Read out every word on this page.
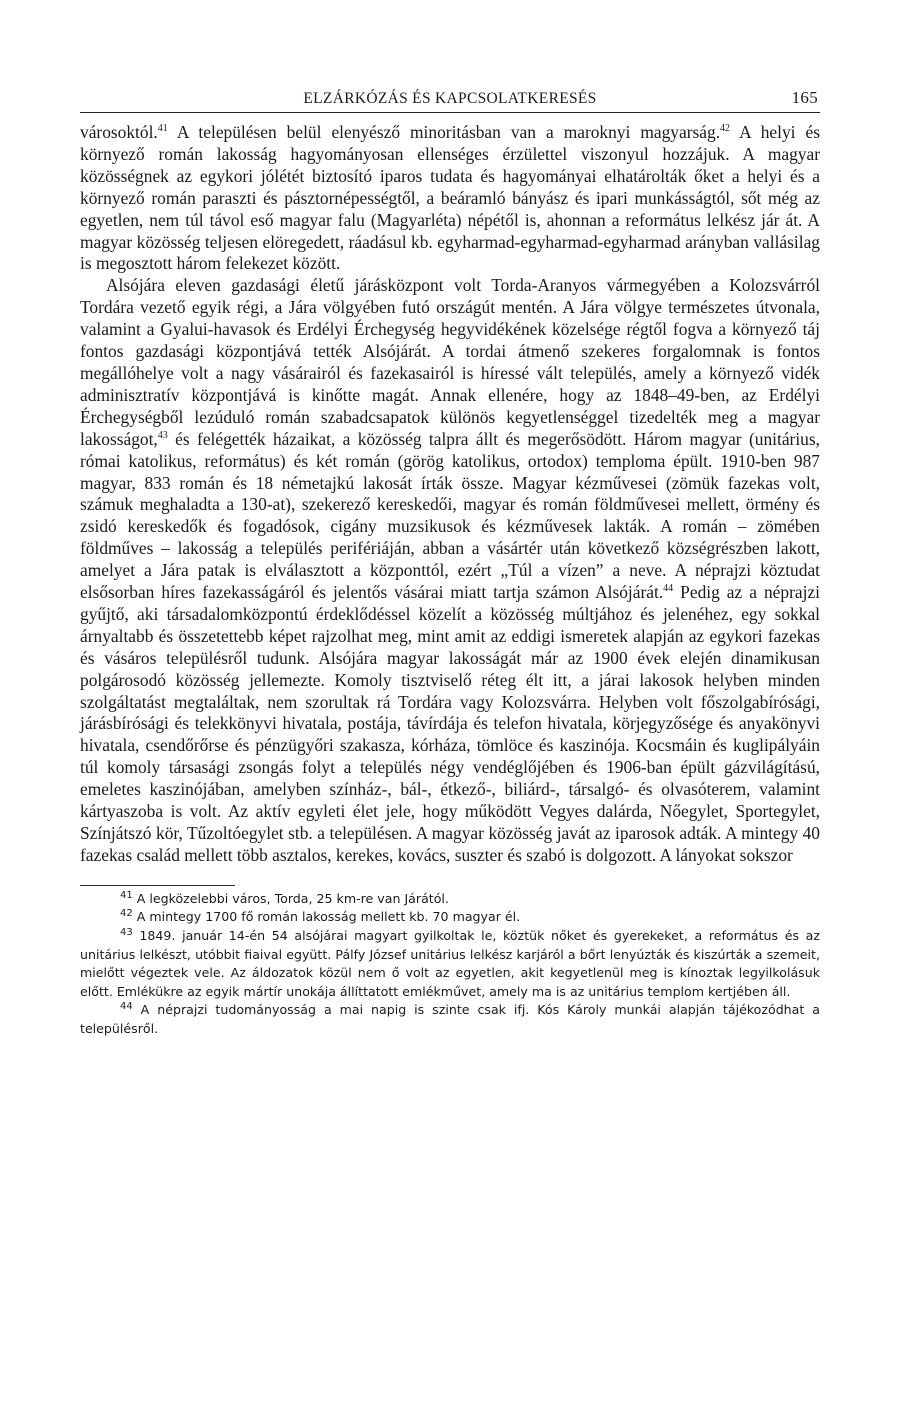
ELZÁRKÓZÁS ÉS KAPCSOLATKERESÉS	165

városoktól.$^{41}$ A településen belül elenyésző minoritásban van a maroknyi magyarság.$^{42}$ A helyi és környező román lakosság hagyományosan ellenséges érzülettel viszonyul hozzájuk. A magyar közösségnek az egykori jólétét biztosító iparos tudata és hagyományai elhatárolták őket a helyi és a környező román paraszti és pásztornépességtől, a beáramló bányász és ipari munkásságtól, sőt még az egyetlen, nem túl távol eső magyar falu (Magyarléta) népétől is, ahonnan a református lelkész jár át. A magyar közösség teljesen elöregedett, ráadásul kb. egyharmad-egyharmad-egyharmad arányban vallásilag is megosztott három felekezet között.

Alsójára eleven gazdasági életű járásközpont volt Torda-Aranyos vármegyében a Kolozsvárról Tordára vezető egyik régi, a Jára völgyében futó országút mentén. A Jára völgye természetes útvonala, valamint a Gyalui-havasok és Erdélyi Érchegység hegyvidékének közelsége régtől fogva a környező táj fontos gazdasági központjává tették Alsójárát. A tordai átmenő szekeres forgalomnak is fontos megállóhelye volt a nagy vásárairól és fazekasairól is híressé vált település, amely a környező vidék adminisztratív központjává is kinőtte magát. Annak ellenére, hogy az 1848–49-ben, az Erdélyi Érchegységből lezúduló román szabadcsapatok különös kegyetlenséggel tizedelték meg a magyar lakosságot,$^{43}$ és felégették házaikat, a közösség talpra állt és megerősödött. Három magyar (unitárius, római katolikus, református) és két román (görög katolikus, ortodox) temploma épült. 1910-ben 987 magyar, 833 román és 18 németajkú lakosát írták össze. Magyar kézművesei (zömük fazekas volt, számuk meghaladta a 130-at), szekerező kereskedői, magyar és román földművesei mellett, örmény és zsidó kereskedők és fogadósok, cigány muzsikusok és kézművesek lakták. A román – zömében földműves – lakosság a település perifériáján, abban a vásártér után következő községrészben lakott, amelyet a Jára patak is elválasztott a központtól, ezért „Túl a vízen” a neve. A néprajzi köztudat elsősorban híres fazekasságáról és jelentős vásárai miatt tartja számon Alsójárát.$^{44}$ Pedig az a néprajzi gyűjtő, aki társadalomközpontú érdeklődéssel közelít a közösség múltjához és jelenéhez, egy sokkal árnyaltabb és összetettebb képet rajzolhat meg, mint amit az eddigi ismeretek alapján az egykori fazekas és vásáros településről tudunk. Alsójára magyar lakosságát már az 1900 évek elején dinamikusan polgárosodó közösség jellemezte. Komoly tisztviselő réteg élt itt, a járai lakosok helyben minden szolgáltatást megtaláltak, nem szorultak rá Tordára vagy Kolozsvárra. Helyben volt főszolgabírósági, járásbírósági és telekkönyvi hivatala, postája, távírdája és telefon hivatala, körjegyzősége és anyakönyvi hivatala, csendőrőrse és pénzügyőri szakasza, kórháza, tömlöce és kaszinója. Kocsmáin és kuglipályáin túl komoly társasági zsongás folyt a település négy vendéglőjében és 1906-ban épült gázvilágítású, emeletes kaszinójában, amelyben színház-, bál-, étkező-, biliárd-, társalgó- és olvasóterem, valamint kártyaszoba is volt. Az aktív egyleti élet jele, hogy működött Vegyes dalárda, Nőegylet, Sportegylet, Színjátszó kör, Tűzoltóegylet stb. a településen. A magyar közösség javát az iparosok adták. A mintegy 40 fazekas család mellett több asztalos, kerekes, kovács, suszter és szabó is dolgozott. A lányokat sokszor

$^{41}$ A legközelebbi város, Torda, 25 km-re van Járától.

$^{42}$ A mintegy 1700 fő román lakosság mellett kb. 70 magyar él.

$^{43}$ 1849. január 14-én 54 alsójárai magyart gyilkoltak le, köztük nőket és gyerekeket, a református és az unitárius lelkészt, utóbbit fiaival együtt. Pálfy József unitárius lelkész karjáról a bőrt lenyúzták és kiszúrták a szemeit, mielőtt végeztek vele. Az áldozatok közül nem ő volt az egyetlen, akit kegyetlenül meg is kínoztak legyilkolásuk előtt. Emlékükre az egyik mártír unokája állíttatott emlékművet, amely ma is az unitárius templom kertjében áll.

$^{44}$ A néprajzi tudományosság a mai napig is szinte csak ifj. Kós Károly munkái alapján tájékozódhat a településről.
